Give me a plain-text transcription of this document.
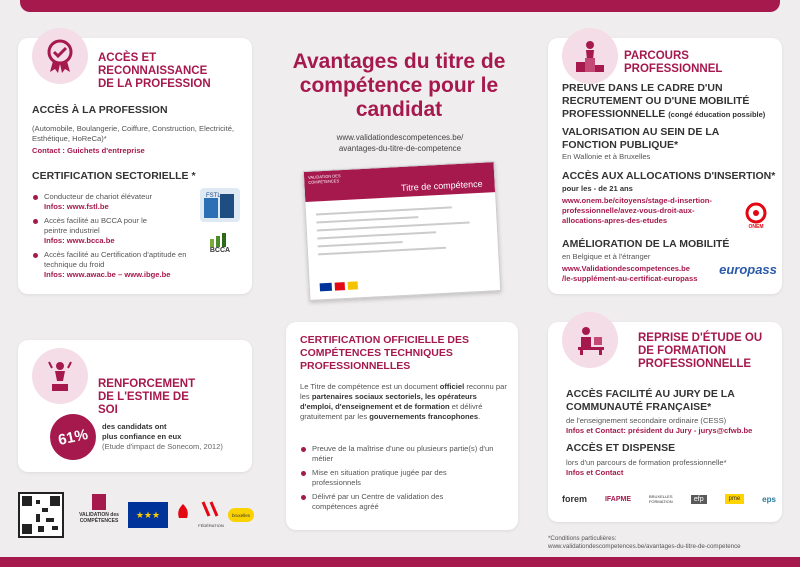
Avantages du titre de compétence pour le candidat
www.validationdescompetences.be/
avantages-du-titre-de-competence
VALIDATION DES COMPÉTENCES	Titre de compétence
ACCÈS ET RECONNAISSANCE DE LA PROFESSION
ACCÈS À LA PROFESSION
(Automobile, Boulangerie, Coiffure, Construction, Electricité, Esthétique, HoReCa)*
Contact : Guichets d'entreprise
CERTIFICATION SECTORIELLE *
Conducteur de chariot élévateur
Infos: www.fstl.be
Accès facilité au BCCA pour le peintre industriel
Infos: www.bcca.be
Accès facilité au Certification d'aptitude en technique du froid
Infos: www.awac.be – www.ibge.be
FSTL
BCCA
PARCOURS PROFESSIONNEL
PREUVE DANS LE CADRE D'UN RECRUTEMENT OU D'UNE MOBILITÉ PROFESSIONNELLE (congé éducation possible)
VALORISATION AU SEIN DE LA FONCTION PUBLIQUE*
En Wallonie et à Bruxelles
ACCÈS AUX ALLOCATIONS D'INSERTION*
pour les - de 21 ans
www.onem.be/citoyens/stage-d-insertion-professionnelle/avez-vous-droit-aux-allocations-apres-des-etudes
ONEM
AMÉLIORATION DE LA MOBILITÉ
en Belgique et à l'étranger
www.Validationdescompetences.be
/le-supplément-au-certificat-europass
europass
RENFORCEMENT DE L'ESTIME DE SOI
61% des candidats ont
plus confiance en eux
(Etude d'impact de Sonecom, 2012)
CERTIFICATION OFFICIELLE DES COMPÉTENCES TECHNIQUES PROFESSIONNELLES
Le Titre de compétence est un document officiel reconnu par les partenaires sociaux sectoriels, les opérateurs d'emploi, d'enseignement et de formation et délivré gratuitement par les gouvernements francophones.
Preuve de la maîtrise d'une ou plusieurs partie(s) d'un métier
Mise en situation pratique jugée par des professionnels
Délivré par un Centre de validation des compétences agréé
REPRISE D'ÉTUDE OU DE FORMATION PROFESSIONNELLE
ACCÈS FACILITÉ AU JURY DE LA COMMUNAUTÉ FRANÇAISE*
de l'enseignement secondaire ordinaire (CESS)
Infos et Contact: président du Jury - jurys@cfwb.be
ACCÈS ET DISPENSE
lors d'un parcours de formation professionnelle*
Infos et Contact
forem	IFAPME	BRUXELLES FORMATION	efp	pme	eps
VALIDATION des COMPÉTENCES
★★★
FÉDÉRATION
bruxelles
*Conditions particulières:
www.validationdescompetences.be/avantages-du-titre-de-competence
